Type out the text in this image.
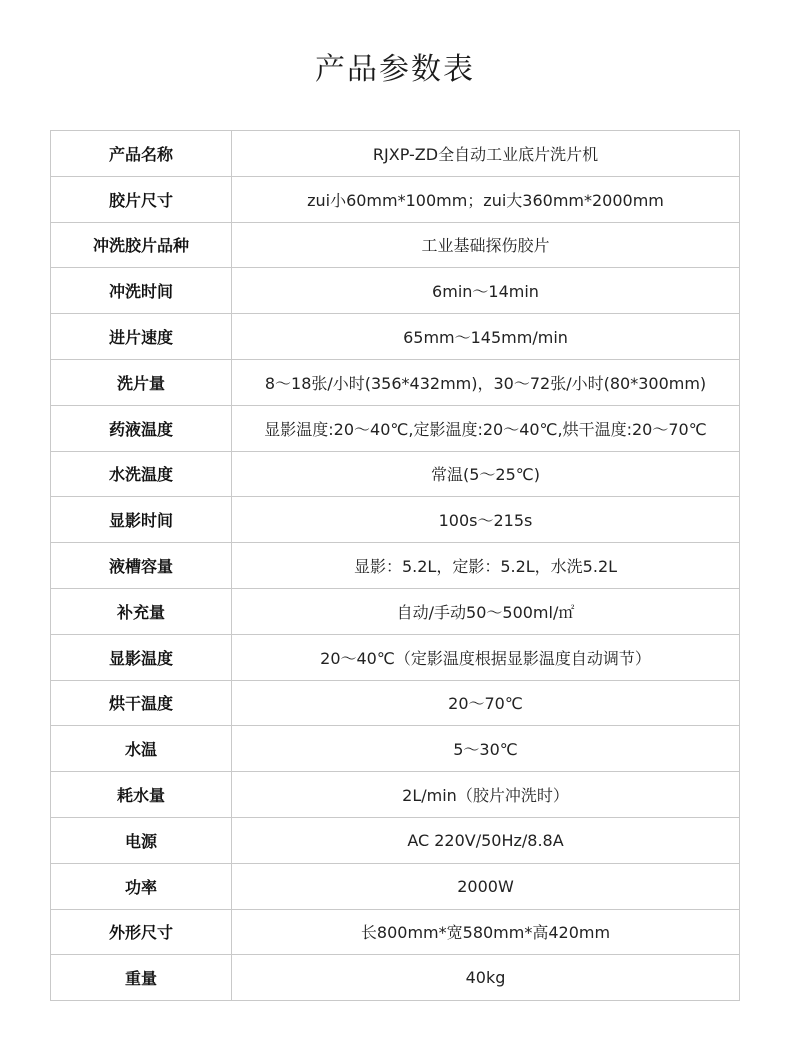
产品参数表
产品名称	RJXP-ZD全自动工业底片洗片机
胶片尺寸	zui小60mm*100mm；zui大360mm*2000mm
冲洗胶片品种	工业基础探伤胶片
冲洗时间	6min～14min
进片速度	65mm～145mm/min
洗片量	8～18张/小时(356*432mm)，30～72张/小时(80*300mm)
药液温度	显影温度:20～40℃,定影温度:20～40℃,烘干温度:20～70℃
水洗温度	常温(5～25℃)
显影时间	100s～215s
液槽容量	显影：5.2L，定影：5.2L，水洗5.2L
补充量	自动/手动50～500ml/㎡
显影温度	20～40℃（定影温度根据显影温度自动调节）
烘干温度	20～70℃
水温	5～30℃
耗水量	2L/min（胶片冲洗时）
电源	AC 220V/50Hz/8.8A
功率	2000W
外形尺寸	长800mm*宽580mm*高420mm
重量	40kg
